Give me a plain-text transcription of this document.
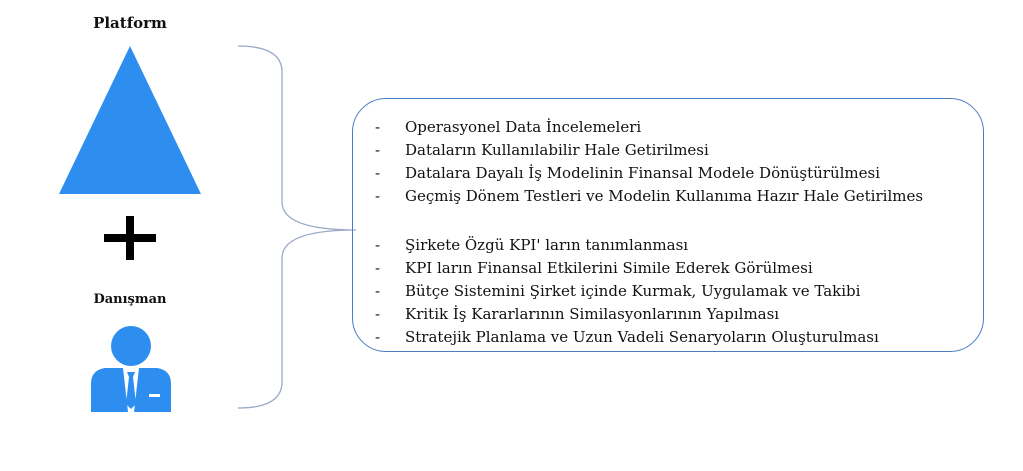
Platform
Danışman
-	Operasyonel Data İncelemeleri
-	Dataların Kullanılabilir Hale Getirilmesi
-	Datalara Dayalı İş Modelinin Finansal Modele Dönüştürülmesi
-	Geçmiş Dönem Testleri ve Modelin Kullanıma Hazır Hale Getirilmes
-	Şirkete Özgü KPI' ların tanımlanması
-	KPI ların Finansal Etkilerini Simile Ederek Görülmesi
-	Bütçe Sistemini Şirket içinde Kurmak, Uygulamak ve Takibi
-	Kritik İş Kararlarının Similasyonlarının Yapılması
-	Stratejik Planlama ve Uzun Vadeli Senaryoların Oluşturulması
